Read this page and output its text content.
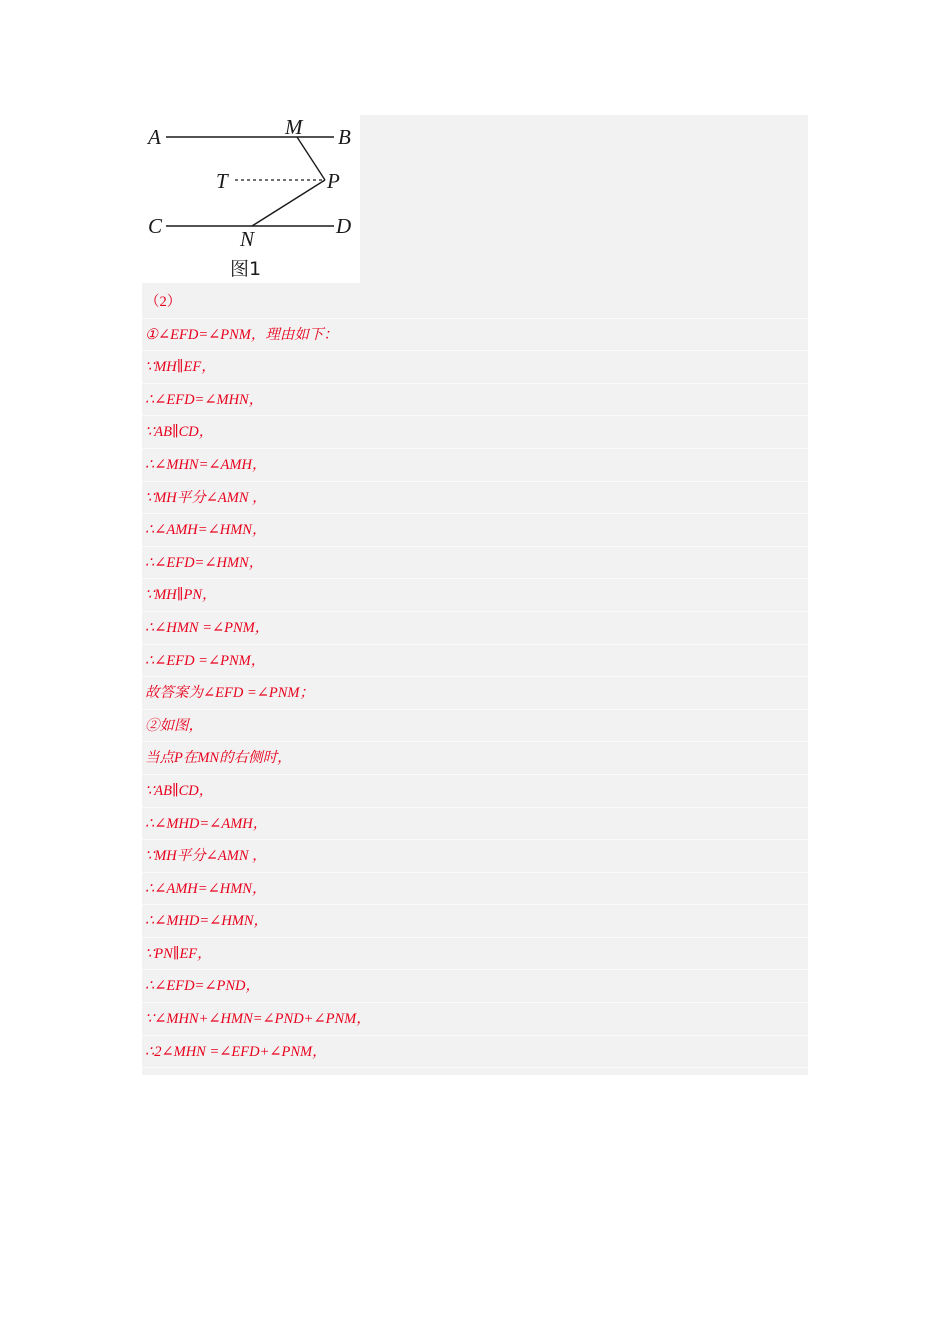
A	M B
T	P
C
N
D
图1
（2）
①∠EFD=∠PNM，理由如下：
∵MH∥EF，
∴∠EFD=∠MHN，
∵AB∥CD，
∴∠MHN=∠AMH，
∵MH平分∠AMN ，
∴∠AMH=∠HMN，
∴∠EFD=∠HMN，
∵MH∥PN，
∴∠HMN =∠PNM，
∴∠EFD =∠PNM，
故答案为∠EFD =∠PNM；
②如图，
当点P在MN的右侧时，
∵AB∥CD，
∴∠MHD=∠AMH，
∵MH平分∠AMN ，
∴∠AMH=∠HMN，
∴∠MHD=∠HMN，
∵PN∥EF，
∴∠EFD=∠PND，
∵∠MHN+∠HMN=∠PND+∠PNM，
∴2∠MHN =∠EFD+∠PNM，
